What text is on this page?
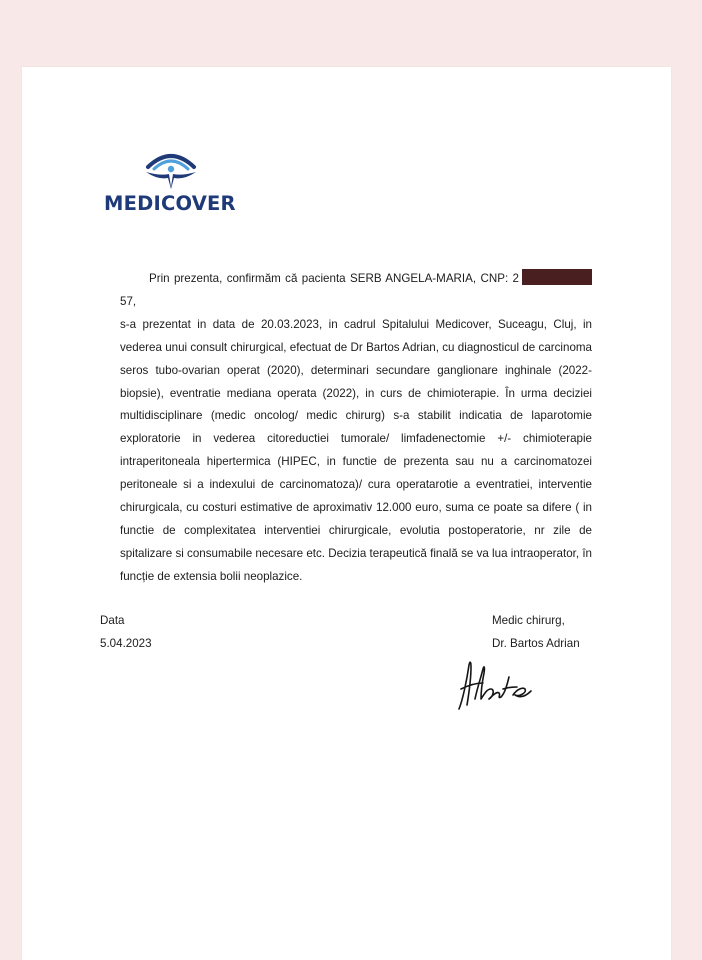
MEDICOVER
Prin prezenta, confirmăm că pacienta SERB ANGELA-MARIA, CNP: 257,
s-a prezentat in data de 20.03.2023, in cadrul Spitalului Medicover, Suceagu, Cluj, in vederea unui consult chirurgical, efectuat de Dr Bartos Adrian, cu diagnosticul de carcinoma seros tubo-ovarian operat (2020), determinari secundare ganglionare inghinale (2022- biopsie), eventratie mediana operata (2022), in curs de chimioterapie. În urma deciziei multidisciplinare (medic oncolog/ medic chirurg) s-a stabilit indicatia de laparotomie exploratorie in vederea citoreductiei tumorale/ limfadenectomie +/- chimioterapie intraperitoneala hipertermica (HIPEC, in functie de prezenta sau nu a carcinomatozei peritoneale si a indexului de carcinomatoza)/ cura operatarotie a eventratiei, interventie chirurgicala, cu costuri estimative de aproximativ 12.000 euro, suma ce poate sa difere ( in functie de complexitatea interventiei chirurgicale, evolutia postoperatorie, nr zile de spitalizare si consumabile necesare etc. Decizia terapeutică finală se va lua intraoperator, în funcție de extensia bolii neoplazice.
Data
5.04.2023
Medic chirurg,
Dr. Bartos Adrian
